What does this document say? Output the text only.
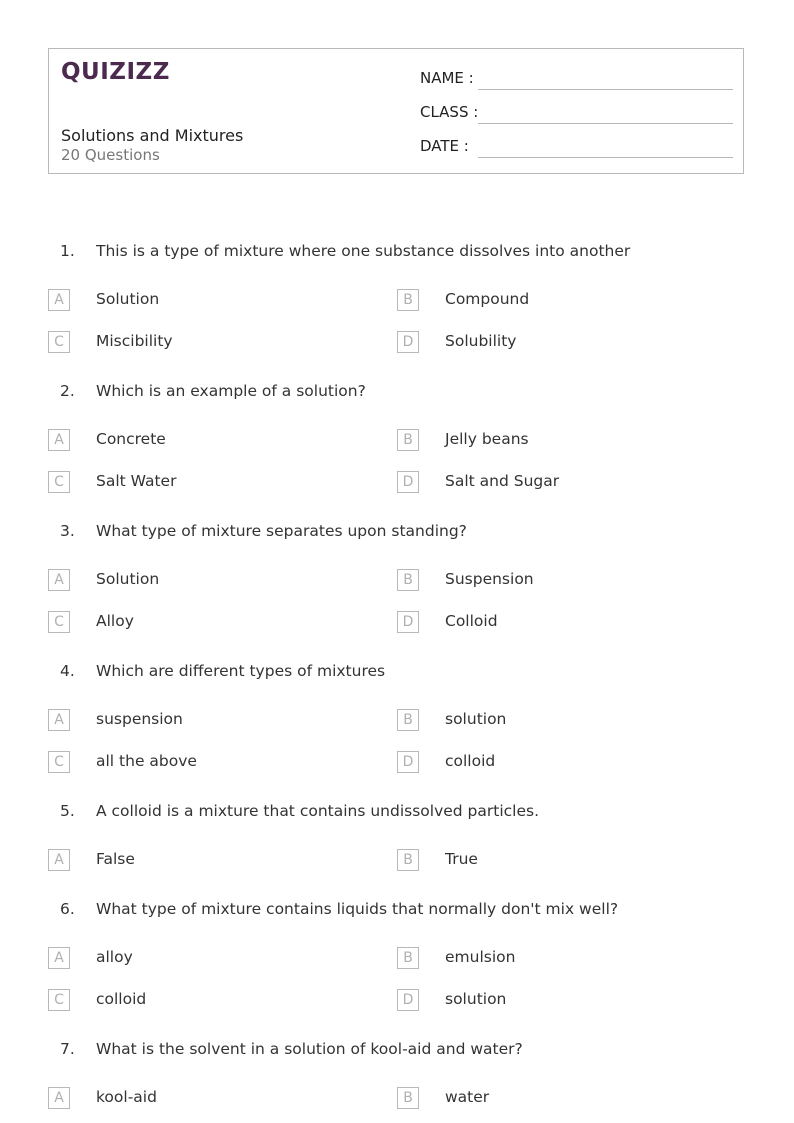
QUIZIZZ
Solutions and Mixtures
20 Questions
NAME :
CLASS :
DATE :
1. This is a type of mixture where one substance dissolves into another
A	Solution	B	Compound
C	Miscibility	D	Solubility
2. Which is an example of a solution?
A	Concrete	B	Jelly beans
C	Salt Water	D	Salt and Sugar
3. What type of mixture separates upon standing?
A	Solution	B	Suspension
C	Alloy	D	Colloid
4. Which are different types of mixtures
A	suspension	B	solution
C	all the above	D	colloid
5. A colloid is a mixture that contains undissolved particles.
A	False	B	True
6. What type of mixture contains liquids that normally don't mix well?
A	alloy	B	emulsion
C	colloid	D	solution
7. What is the solvent in a solution of kool-aid and water?
A	kool-aid	B	water
